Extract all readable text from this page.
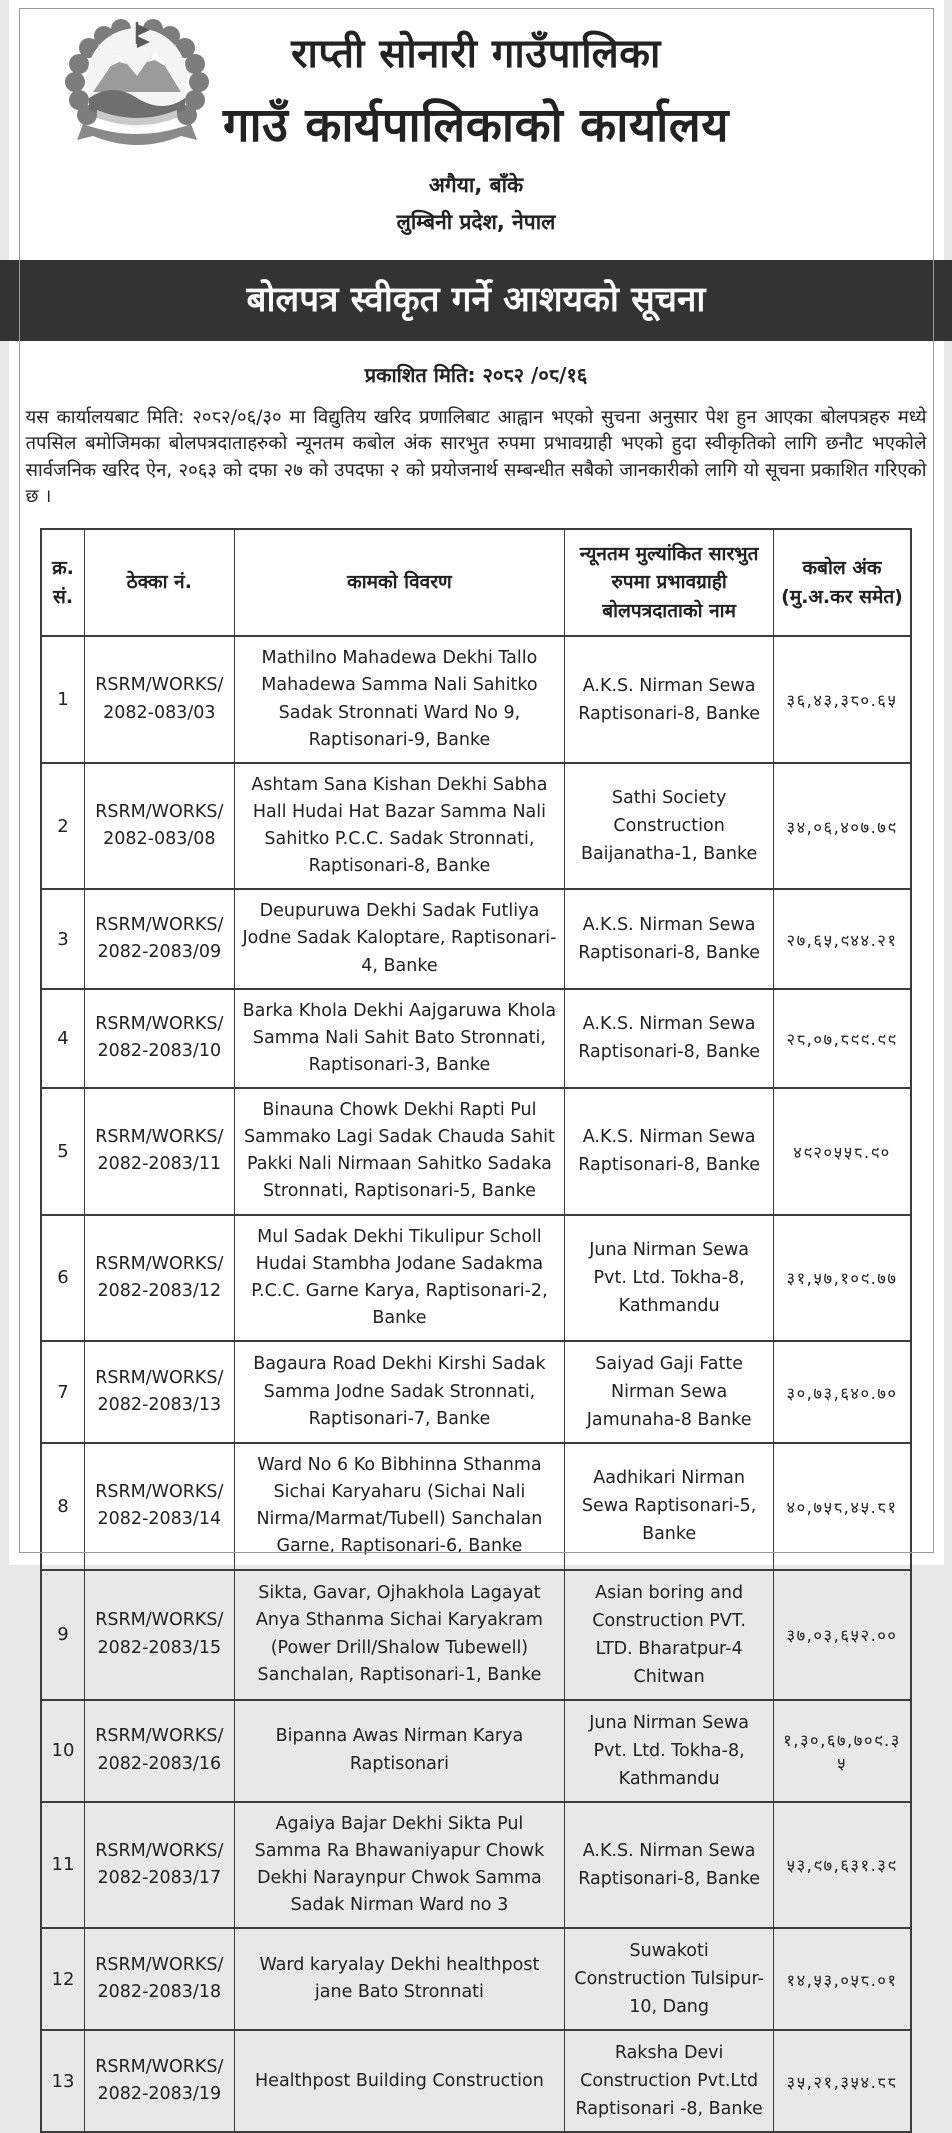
राप्ती सोनारी गाउँपालिका
गाउँ कार्यपालिकाको कार्यालय
अगैया, बाँके
लुम्बिनी प्रदेश, नेपाल
बोलपत्र स्वीकृत गर्ने आशयको सूचना
प्रकाशित मिति: २०८२ /०८/१६

यस कार्यालयबाट मिति: २०८२/०६/३० मा विद्युतिय खरिद प्रणालिबाट आह्वान भएको सुचना अनुसार पेश हुन आएका बोलपत्रहरु मध्ये तपसिल बमोजिमका बोलपत्रदाताहरुको न्यूनतम कबोल अंक सारभुत रुपमा प्रभावग्राही भएको हुदा स्वीकृतिको लागि छनौट भएकोले सार्वजनिक खरिद ऐन, २०६३ को दफा २७ को उपदफा २ को प्रयोजनार्थ सम्बन्धीत सबैको जानकारीको लागि यो सूचना प्रकाशित गरिएको छ ।

क्र. सं.	ठेक्का नं.	कामको विवरण	न्यूनतम मुल्यांकित सारभुत रुपमा प्रभावग्राही बोलपत्रदाताको नाम	कबोल अंक (मु.अ.कर समेत)
1	RSRM/WORKS/ 2082-083/03	Mathilno Mahadewa Dekhi Tallo Mahadewa Samma Nali Sahitko Sadak Stronnati Ward No 9, Raptisonari-9, Banke	A.K.S. Nirman Sewa Raptisonari-8, Banke	३६,४३,३८०.६५
2	RSRM/WORKS/ 2082-083/08	Ashtam Sana Kishan Dekhi Sabha Hall Hudai Hat Bazar Samma Nali Sahitko P.C.C. Sadak Stronnati, Raptisonari-8, Banke	Sathi Society Construction Baijanatha-1, Banke	३४,०६,४०७.७९
3	RSRM/WORKS/ 2082-2083/09	Deupuruwa Dekhi Sadak Futliya Jodne Sadak Kaloptare, Raptisonari-4, Banke	A.K.S. Nirman Sewa Raptisonari-8, Banke	२७,६५,९४४.२१
4	RSRM/WORKS/ 2082-2083/10	Barka Khola Dekhi Aajgaruwa Khola Samma Nali Sahit Bato Stronnati, Raptisonari-3, Banke	A.K.S. Nirman Sewa Raptisonari-8, Banke	२८,०७,८९९.९९
5	RSRM/WORKS/ 2082-2083/11	Binauna Chowk Dekhi Rapti Pul Sammako Lagi Sadak Chauda Sahit Pakki Nali Nirmaan Sahitko Sadaka Stronnati, Raptisonari-5, Banke	A.K.S. Nirman Sewa Raptisonari-8, Banke	४९२०५५८.९०
6	RSRM/WORKS/ 2082-2083/12	Mul Sadak Dekhi Tikulipur Scholl Hudai Stambha Jodane Sadakma P.C.C. Garne Karya, Raptisonari-2, Banke	Juna Nirman Sewa Pvt. Ltd. Tokha-8, Kathmandu	३१,५७,१०९.७७
7	RSRM/WORKS/ 2082-2083/13	Bagaura Road Dekhi Kirshi Sadak Samma Jodne Sadak Stronnati, Raptisonari-7, Banke	Saiyad Gaji Fatte Nirman Sewa Jamunaha-8 Banke	३०,७३,६४०.७०
8	RSRM/WORKS/ 2082-2083/14	Ward No 6 Ko Bibhinna Sthanma Sichai Karyaharu (Sichai Nali Nirma/Marmat/Tubell) Sanchalan Garne, Raptisonari-6, Banke	Aadhikari Nirman Sewa Raptisonari-5, Banke	४०,७५८,४५.८१
9	RSRM/WORKS/ 2082-2083/15	Sikta, Gavar, Ojhakhola Lagayat Anya Sthanma Sichai Karyakram (Power Drill/Shalow Tubewell) Sanchalan, Raptisonari-1, Banke	Asian boring and Construction PVT. LTD. Bharatpur-4 Chitwan	३७,०३,६५२.००
10	RSRM/WORKS/ 2082-2083/16	Bipanna Awas Nirman Karya Raptisonari	Juna Nirman Sewa Pvt. Ltd. Tokha-8, Kathmandu	१,३०,६७,७०९.३५
11	RSRM/WORKS/ 2082-2083/17	Agaiya Bajar Dekhi Sikta Pul Samma Ra Bhawaniyapur Chowk Dekhi Naraynpur Chwok Samma Sadak Nirman Ward no 3	A.K.S. Nirman Sewa Raptisonari-8, Banke	५३,९७,६३१.३९
12	RSRM/WORKS/ 2082-2083/18	Ward karyalay Dekhi healthpost jane Bato Stronnati	Suwakoti Construction Tulsipur-10, Dang	१४,५३,०५८.०१
13	RSRM/WORKS/ 2082-2083/19	Healthpost Building Construction	Raksha Devi Construction Pvt.Ltd Raptisonari -8, Banke	३५,२१,३५४.८८
